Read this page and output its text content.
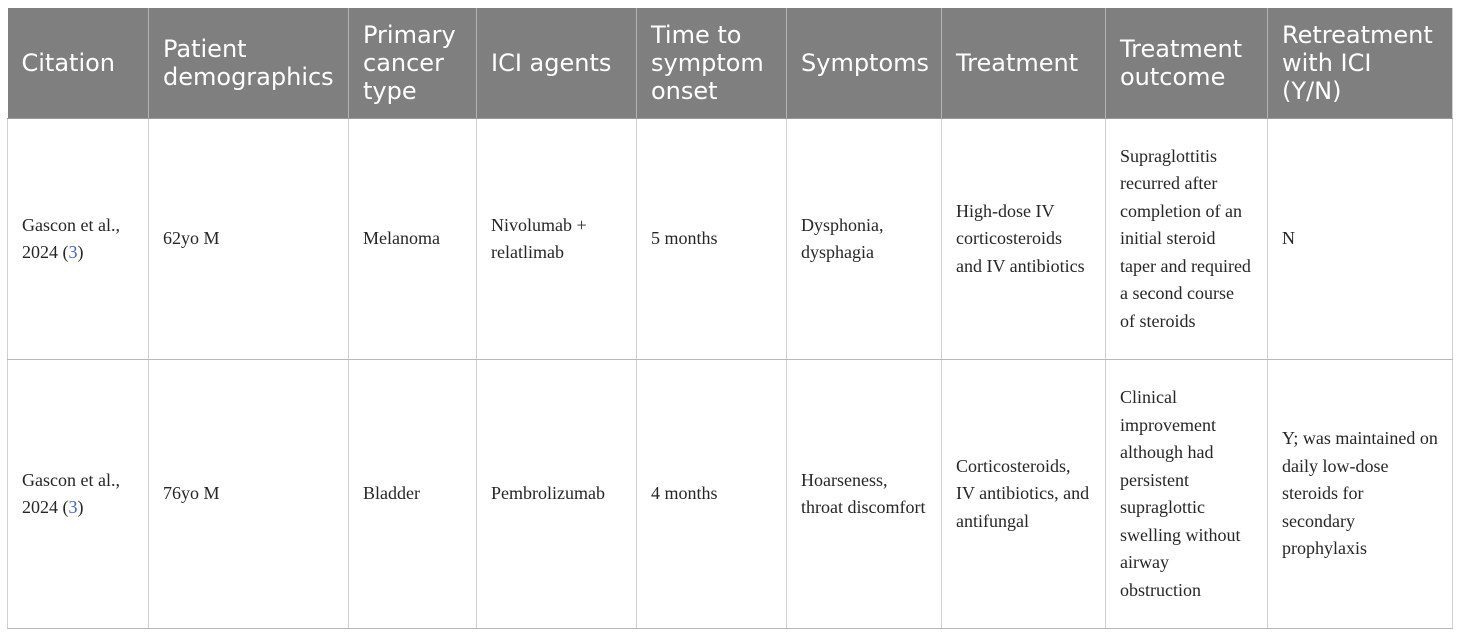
Citation	Patient demographics	Primary cancer type	ICI agents	Time to symptom onset	Symptoms	Treatment	Treatment outcome	Retreatment with ICI (Y/N)
Gascon et al., 2024 (3)	62yo M	Melanoma	Nivolumab + relatlimab	5 months	Dysphonia, dysphagia	High-dose IV corticosteroids and IV antibiotics	Supraglottitis recurred after completion of an initial steroid taper and required a second course of steroids	N
Gascon et al., 2024 (3)	76yo M	Bladder	Pembrolizumab	4 months	Hoarseness, throat discomfort	Corticosteroids, IV antibiotics, and antifungal	Clinical improvement although had persistent supraglottic swelling without airway obstruction	Y; was maintained on daily low-dose steroids for secondary prophylaxis
